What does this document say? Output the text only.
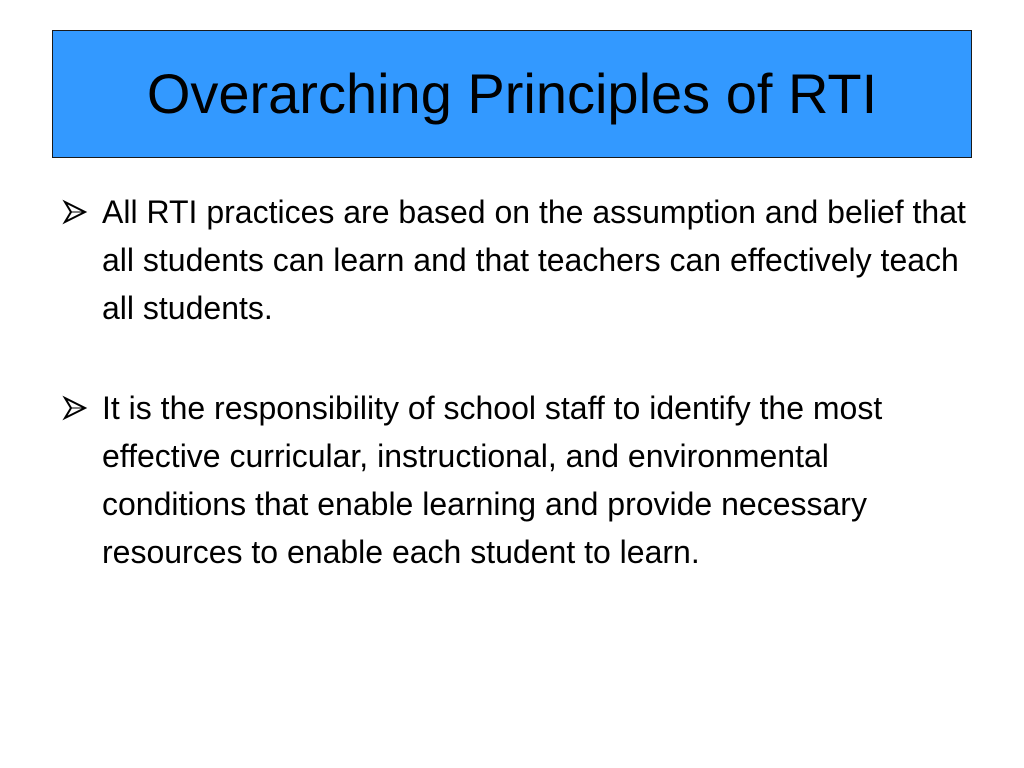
Overarching Principles of RTI
All RTI practices are based on the assumption and belief that all students can learn and that teachers can effectively teach all students.
It is the responsibility of school staff to identify the most effective curricular, instructional, and environmental conditions that enable learning and provide necessary resources to enable each student to learn.
